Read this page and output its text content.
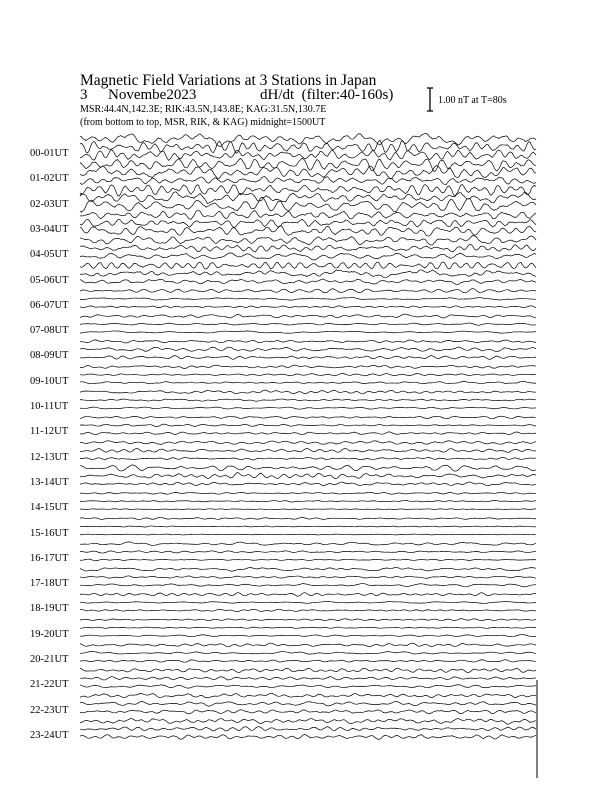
Magnetic Field Variations at 3 Stations in Japan
3 Novembe2023	dH/dt (filter:40-160s)
MSR:44.4N,142.3E; RIK:43.5N,143.8E; KAG:31.5N,130.7E
(from bottom to top, MSR, RIK, & KAG) midnight=1500UT
1.00 nT at T=80s
00-01UT
01-02UT
02-03UT
03-04UT
04-05UT
05-06UT
06-07UT
07-08UT
08-09UT
09-10UT
10-11UT
11-12UT
12-13UT
13-14UT
14-15UT
15-16UT
16-17UT
17-18UT
18-19UT
19-20UT
20-21UT
21-22UT
22-23UT
23-24UT
